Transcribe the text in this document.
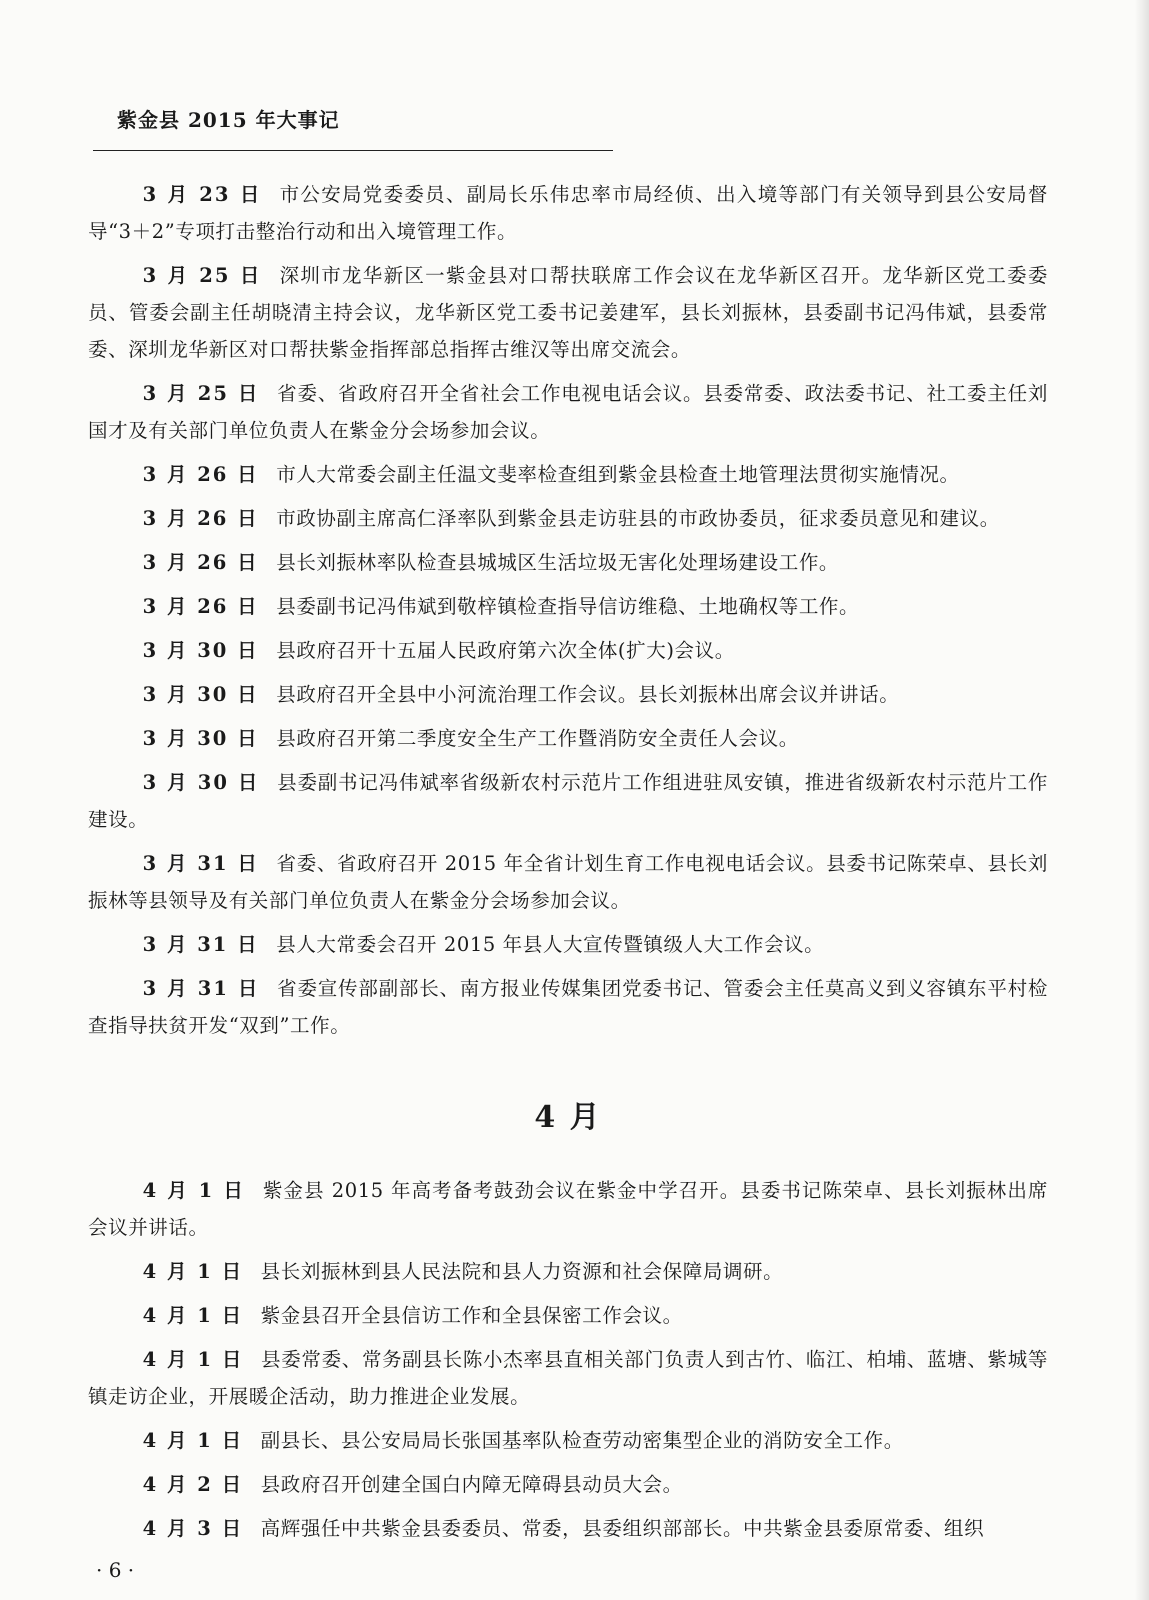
紫金县 2015 年大事记

3 月 23 日 市公安局党委委员、副局长乐伟忠率市局经侦、出入境等部门有关领导到县公安局督导“3＋2”专项打击整治行动和出入境管理工作。

3 月 25 日 深圳市龙华新区一紫金县对口帮扶联席工作会议在龙华新区召开。龙华新区党工委委员、管委会副主任胡晓清主持会议，龙华新区党工委书记姜建军，县长刘振林，县委副书记冯伟斌，县委常委、深圳龙华新区对口帮扶紫金指挥部总指挥古维汉等出席交流会。

3 月 25 日 省委、省政府召开全省社会工作电视电话会议。县委常委、政法委书记、社工委主任刘国才及有关部门单位负责人在紫金分会场参加会议。

3 月 26 日 市人大常委会副主任温文斐率检查组到紫金县检查土地管理法贯彻实施情况。

3 月 26 日 市政协副主席高仁泽率队到紫金县走访驻县的市政协委员，征求委员意见和建议。

3 月 26 日 县长刘振林率队检查县城城区生活垃圾无害化处理场建设工作。

3 月 26 日 县委副书记冯伟斌到敬梓镇检查指导信访维稳、土地确权等工作。

3 月 30 日 县政府召开十五届人民政府第六次全体(扩大)会议。

3 月 30 日 县政府召开全县中小河流治理工作会议。县长刘振林出席会议并讲话。

3 月 30 日 县政府召开第二季度安全生产工作暨消防安全责任人会议。

3 月 30 日 县委副书记冯伟斌率省级新农村示范片工作组进驻凤安镇，推进省级新农村示范片工作建设。

3 月 31 日 省委、省政府召开 2015 年全省计划生育工作电视电话会议。县委书记陈荣卓、县长刘振林等县领导及有关部门单位负责人在紫金分会场参加会议。

3 月 31 日 县人大常委会召开 2015 年县人大宣传暨镇级人大工作会议。

3 月 31 日 省委宣传部副部长、南方报业传媒集团党委书记、管委会主任莫高义到义容镇东平村检查指导扶贫开发“双到”工作。

4 月

4 月 1 日 紫金县 2015 年高考备考鼓劲会议在紫金中学召开。县委书记陈荣卓、县长刘振林出席会议并讲话。

4 月 1 日 县长刘振林到县人民法院和县人力资源和社会保障局调研。

4 月 1 日 紫金县召开全县信访工作和全县保密工作会议。

4 月 1 日 县委常委、常务副县长陈小杰率县直相关部门负责人到古竹、临江、柏埔、蓝塘、紫城等镇走访企业，开展暖企活动，助力推进企业发展。

4 月 1 日 副县长、县公安局局长张国基率队检查劳动密集型企业的消防安全工作。

4 月 2 日 县政府召开创建全国白内障无障碍县动员大会。

4 月 3 日 高辉强任中共紫金县委委员、常委，县委组织部部长。中共紫金县委原常委、组织

· 6 ·
